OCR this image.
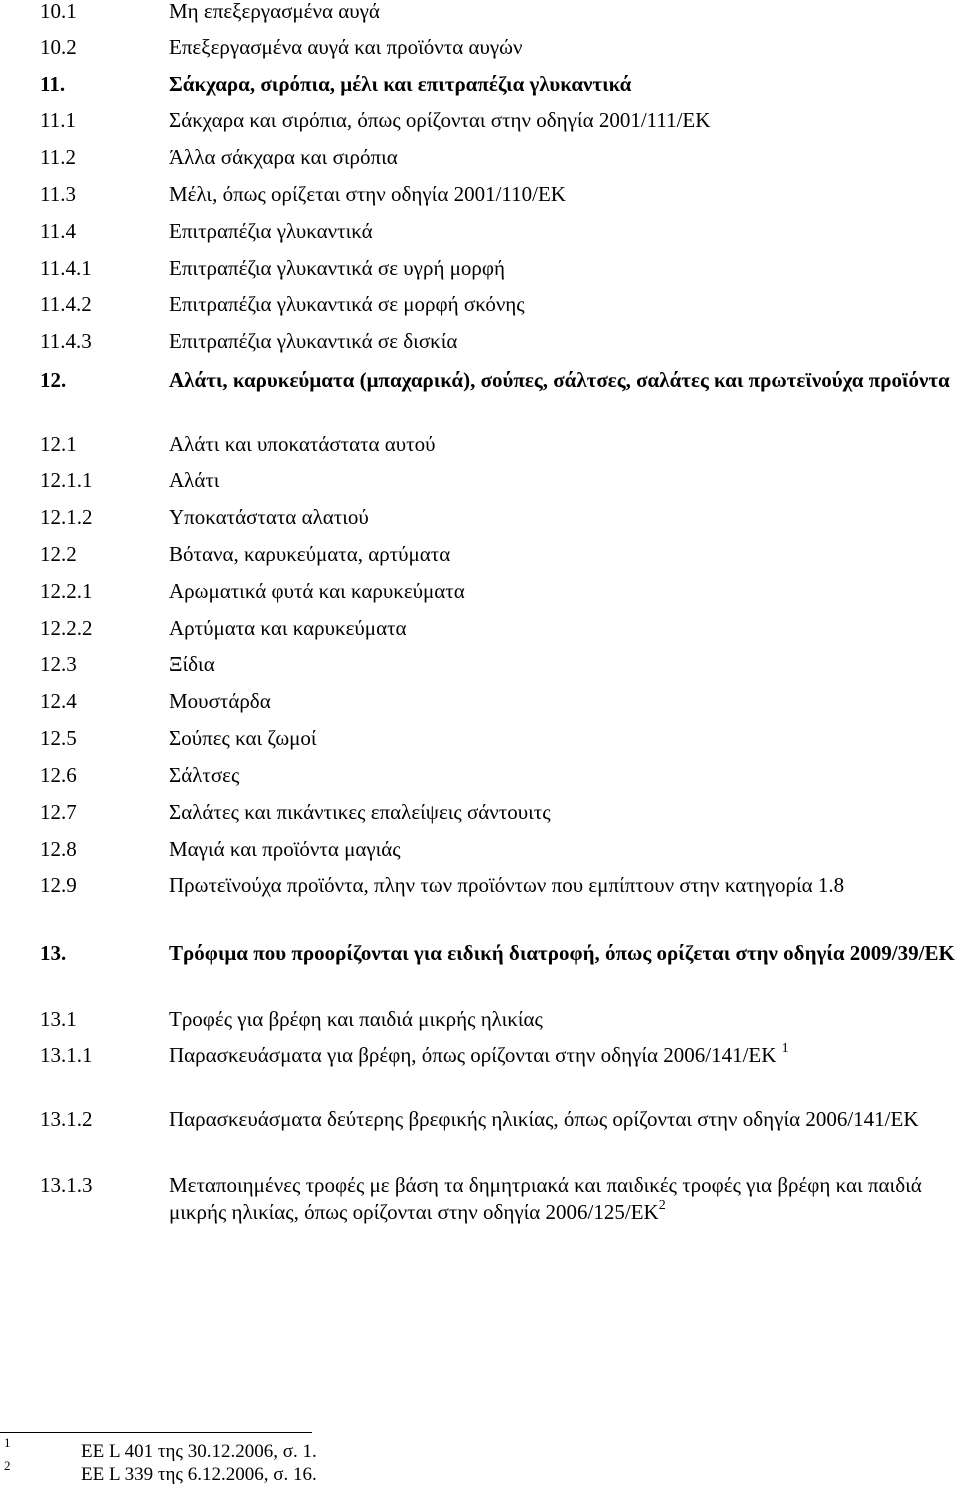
10.1	Μη επεξεργασμένα αυγά
10.2	Επεξεργασμένα αυγά και προϊόντα αυγών
11.	Σάκχαρα, σιρόπια, μέλι και επιτραπέζια γλυκαντικά
11.1	Σάκχαρα και σιρόπια, όπως ορίζονται στην οδηγία 2001/111/ΕΚ
11.2	Άλλα σάκχαρα και σιρόπια
11.3	Μέλι, όπως ορίζεται στην οδηγία 2001/110/ΕΚ
11.4	Επιτραπέζια γλυκαντικά
11.4.1	Επιτραπέζια γλυκαντικά σε υγρή μορφή
11.4.2	Επιτραπέζια γλυκαντικά σε μορφή σκόνης
11.4.3	Επιτραπέζια γλυκαντικά σε δισκία
12.	Αλάτι, καρυκεύματα (μπαχαρικά), σούπες, σάλτσες, σαλάτες και πρωτεϊνούχα προϊόντα
12.1	Αλάτι και υποκατάστατα αυτού
12.1.1	Αλάτι
12.1.2	Υποκατάστατα αλατιού
12.2	Βότανα, καρυκεύματα, αρτύματα
12.2.1	Αρωματικά φυτά και καρυκεύματα
12.2.2	Αρτύματα και καρυκεύματα
12.3	Ξίδια
12.4	Μουστάρδα
12.5	Σούπες και ζωμοί
12.6	Σάλτσες
12.7	Σαλάτες και πικάντικες επαλείψεις σάντουιτς
12.8	Μαγιά και προϊόντα μαγιάς
12.9	Πρωτεϊνούχα προϊόντα, πλην των προϊόντων που εμπίπτουν στην κατηγορία 1.8
13.	Τρόφιμα που προορίζονται για ειδική διατροφή, όπως ορίζεται στην οδηγία 2009/39/ΕΚ
13.1	Τροφές για βρέφη και παιδιά μικρής ηλικίας
13.1.1	Παρασκευάσματα για βρέφη, όπως ορίζονται στην οδηγία 2006/141/ΕΚ $^1$
13.1.2	Παρασκευάσματα δεύτερης βρεφικής ηλικίας, όπως ορίζονται στην οδηγία 2006/141/ΕΚ
13.1.3	Μεταποιημένες τροφές με βάση τα δημητριακά και παιδικές τροφές για βρέφη και παιδιά μικρής ηλικίας, όπως ορίζονται στην οδηγία $2006/125/EK^2$
1	ΕΕ L 401 της 30.12.2006, σ. 1.
2	ΕΕ L 339 της 6.12.2006, σ. 16.
